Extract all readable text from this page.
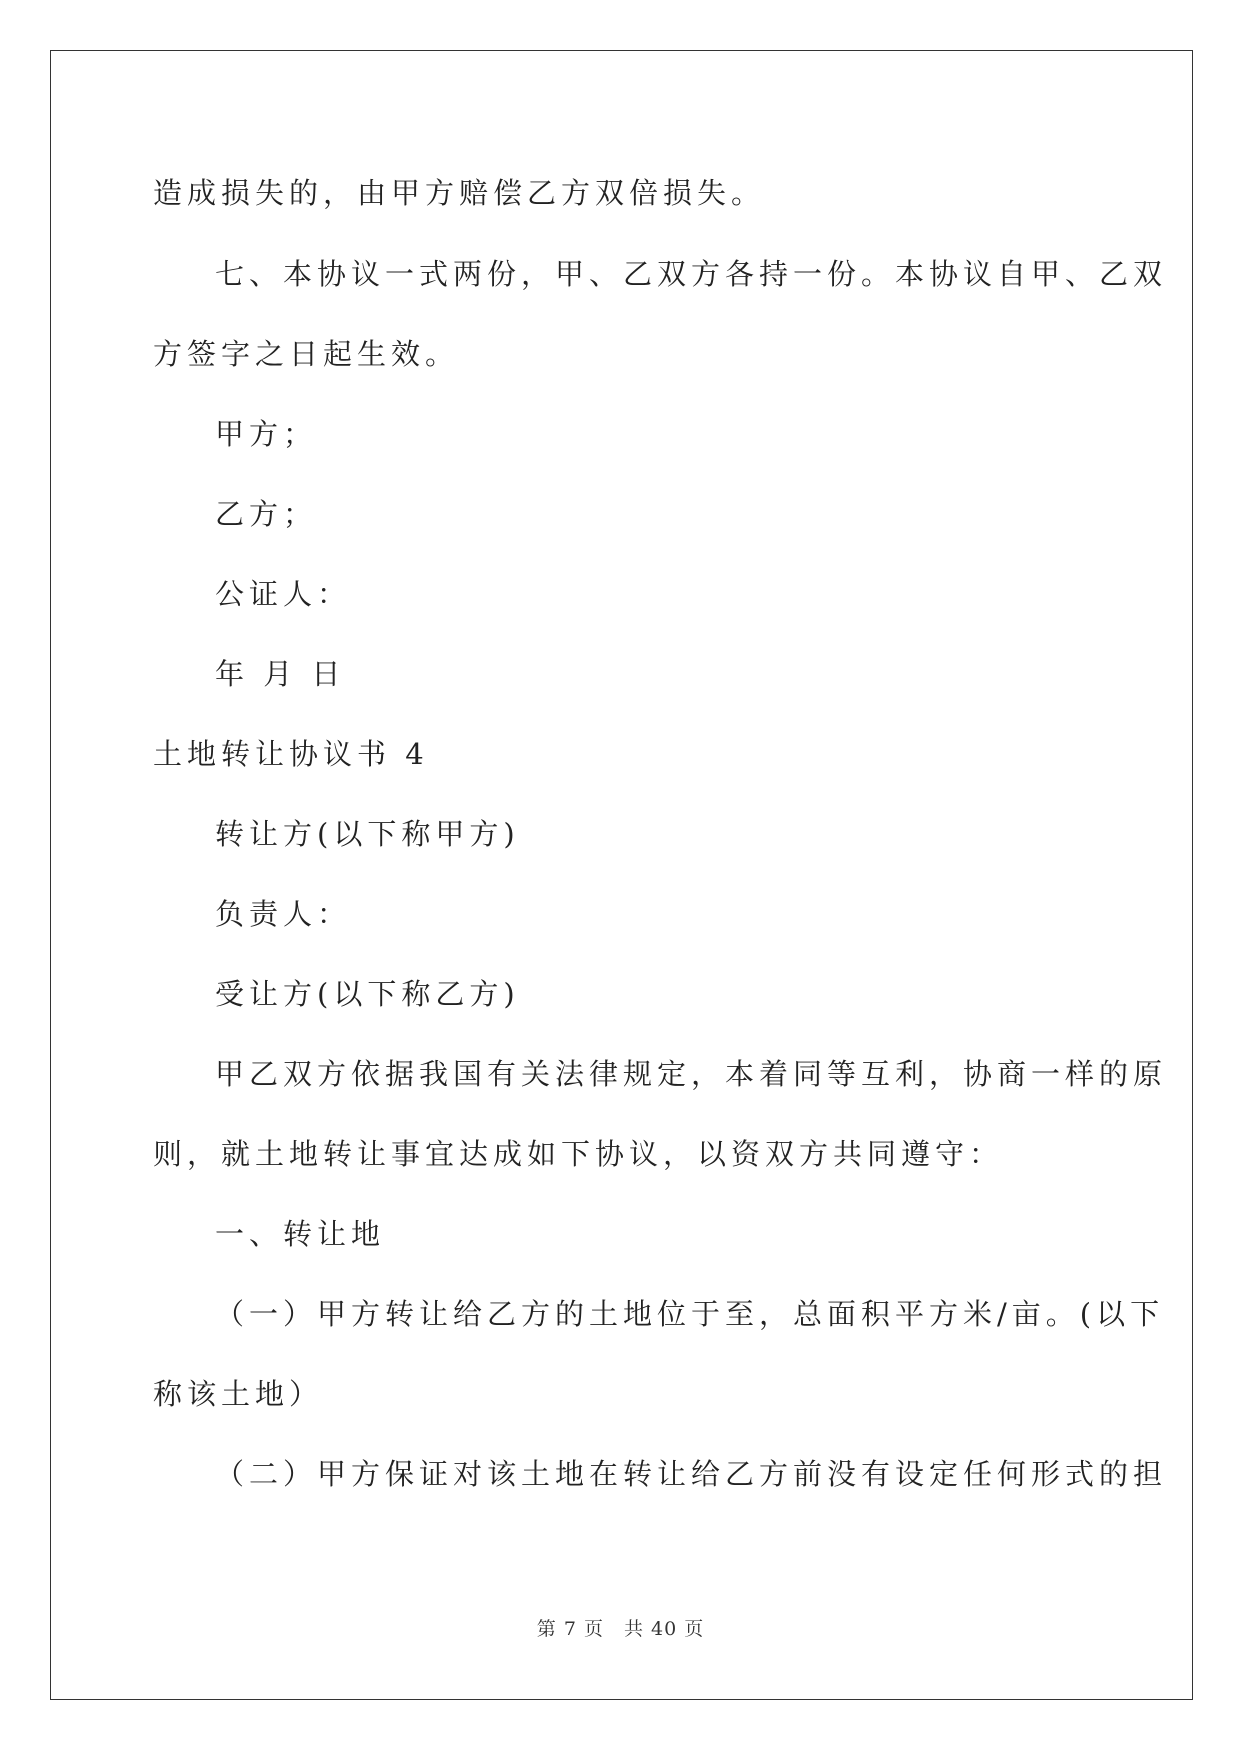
造成损失的，由甲方赔偿乙方双倍损失。
七、本协议一式两份，甲、乙双方各持一份。本协议自甲、乙双
方签字之日起生效。
甲方；
乙方；
公证人：
年 月 日
土地转让协议书 4
转让方(以下称甲方)
负责人：
受让方(以下称乙方)
甲乙双方依据我国有关法律规定，本着同等互利，协商一样的原
则，就土地转让事宜达成如下协议，以资双方共同遵守：
一、转让地
（一）甲方转让给乙方的土地位于至，总面积平方米/亩。(以下
称该土地）
（二）甲方保证对该土地在转让给乙方前没有设定任何形式的担
第 7 页　共 40 页
